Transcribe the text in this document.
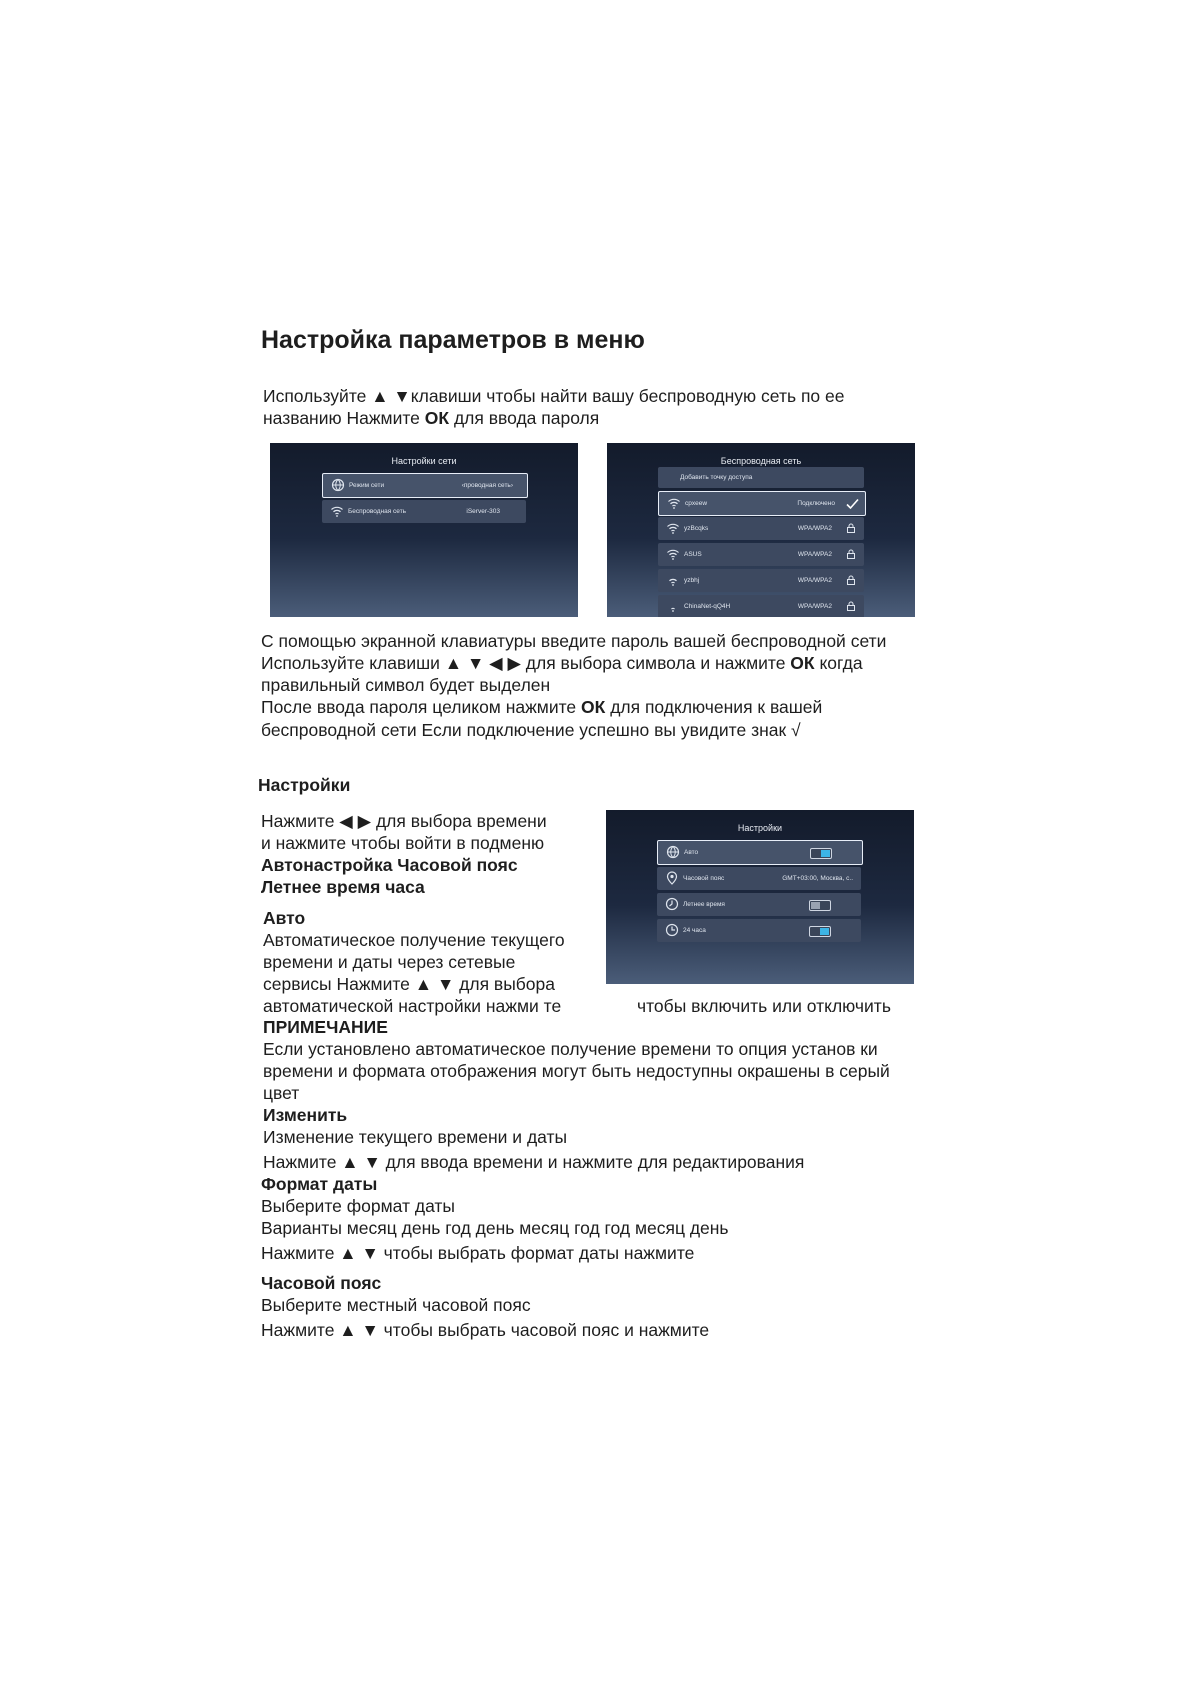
Настройка параметров в меню
Используйте ▲ ▼клавиши чтобы найти вашу беспроводную сеть по ее
названию Нажмите ОК для ввода пароля
Настройки сети
Режим сети	‹проводная сеть›
Беспроводная сеть	iServer-303
Беспроводная сеть
Добавить точку доступа
cpxeew	Подключено
yzBcqks	WPA/WPA2
ASUS	WPA/WPA2
yzbhj	WPA/WPA2
ChinaNet-qQ4H	WPA/WPA2
С помощью экранной клавиатуры введите пароль вашей беспроводной сети
Используйте клавиши ▲ ▼ ◀ ▶ для выбора символа и нажмите ОК когда
правильный символ будет выделен
После ввода пароля целиком нажмите ОК для подключения к вашей
беспроводной сети Если подключение успешно вы увидите знак √
Настройки
Нажмите ◀ ▶ для выбора времени
и нажмите чтобы войти в подменю
Автонастройка Часовой пояс
Летнее время часа
Настройки
Авто
Часовой пояс	GMT+03:00, Москва, с..
Летнее время
24 часа
Авто
Автоматическое получение текущего
времени и даты через сетевые
сервисы Нажмите ▲ ▼ для выбора
автоматической настройки нажми те	чтобы включить или отключить
ПРИМЕЧАНИЕ
Если установлено автоматическое получение времени то опция установ ки
времени и формата отображения могут быть недоступны окрашены в серый
цвет
Изменить
Изменение текущего времени и даты
Нажмите ▲ ▼ для ввода времени и нажмите для редактирования
Формат даты
Выберите формат даты
Варианты месяц день год день месяц год год месяц день
Нажмите ▲ ▼ чтобы выбрать формат даты нажмите
Часовой пояс
Выберите местный часовой пояс
Нажмите ▲ ▼ чтобы выбрать часовой пояс и нажмите
